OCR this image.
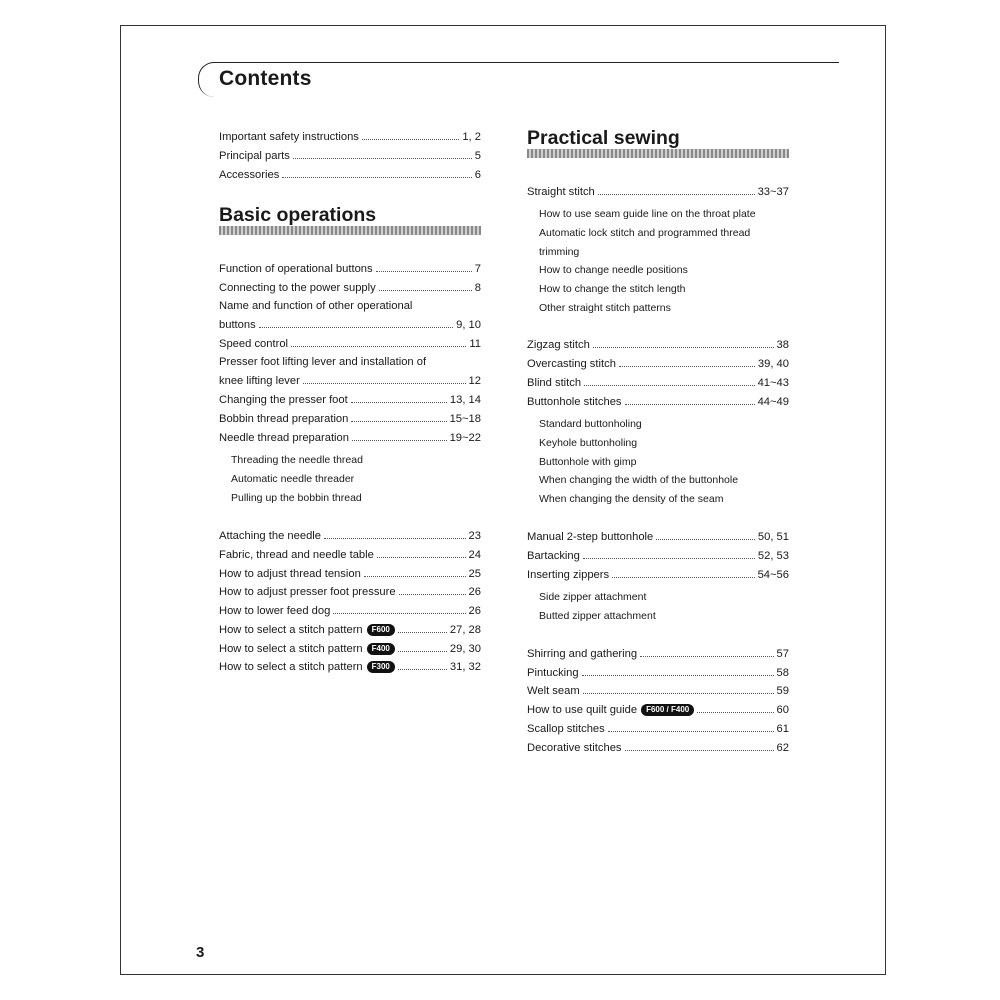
Contents
Important safety instructions	1, 2
Principal parts	5
Accessories	6
Basic operations
Function of operational buttons	7
Connecting to the power supply	8
Name and function of other operational
buttons	9, 10
Speed control	11
Presser foot lifting lever and installation of
knee lifting lever	12
Changing the presser foot	13, 14
Bobbin thread preparation	15~18
Needle thread preparation	19~22
Threading the needle thread
Automatic needle threader
Pulling up the bobbin thread
Attaching the needle	23
Fabric, thread and needle table	24
How to adjust thread tension	25
How to adjust presser foot pressure	26
How to lower feed dog	26
How to select a stitch pattern	F600	27, 28
How to select a stitch pattern	F400	29, 30
How to select a stitch pattern	F300	31, 32
Practical sewing
Straight stitch	33~37
How to use seam guide line on the throat plate
Automatic lock stitch and programmed thread
trimming
How to change needle positions
How to change the stitch length
Other straight stitch patterns
Zigzag stitch	38
Overcasting stitch	39, 40
Blind stitch	41~43
Buttonhole stitches	44~49
Standard buttonholing
Keyhole buttonholing
Buttonhole with gimp
When changing the width of the buttonhole
When changing the density of the seam
Manual 2-step buttonhole	50, 51
Bartacking	52, 53
Inserting zippers	54~56
Side zipper attachment
Butted zipper attachment
Shirring and gathering	57
Pintucking	58
Welt seam	59
How to use quilt guide	F600 / F400	60
Scallop stitches	61
Decorative stitches	62
3
